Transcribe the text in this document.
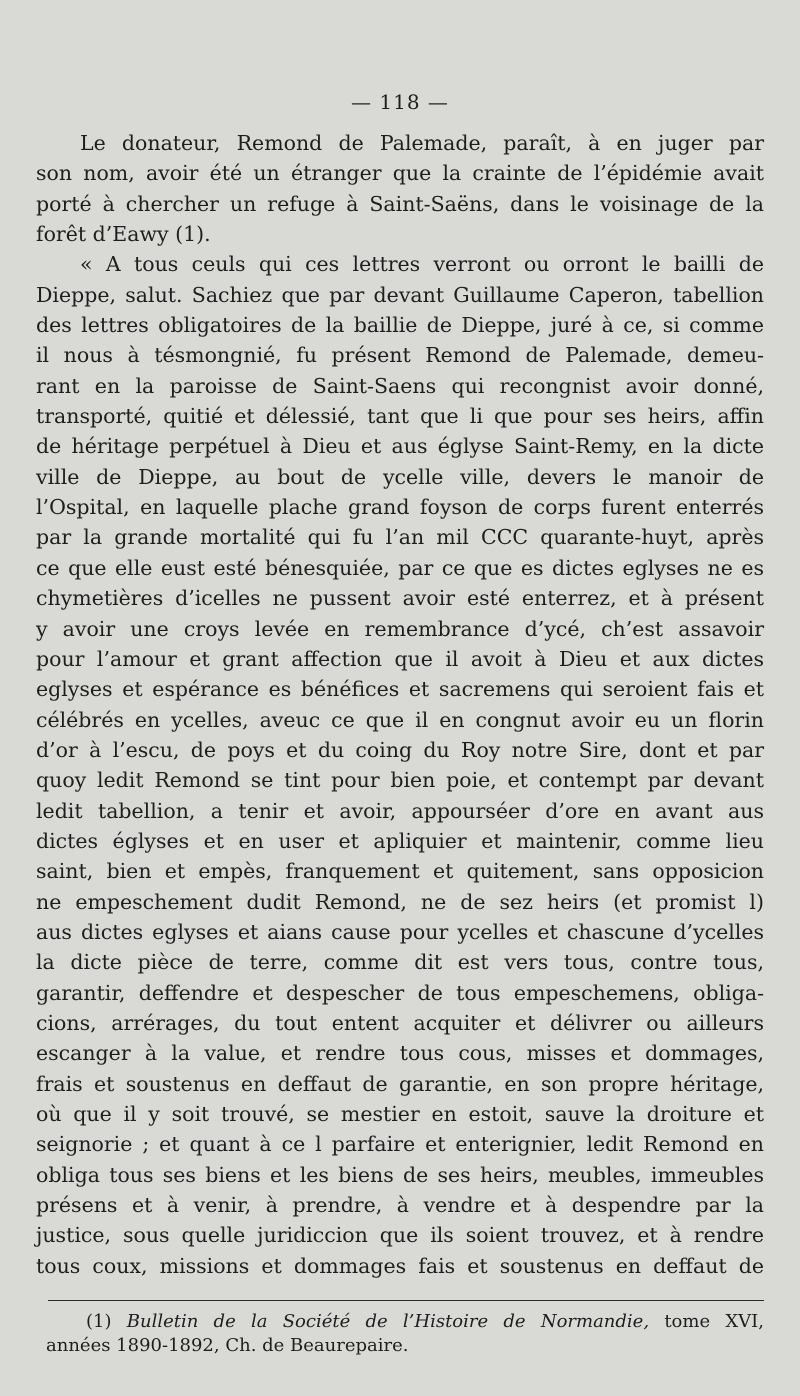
— 118 —
Le donateur, Remond de Palemade, paraît, à en juger par
son nom, avoir été un étranger que la crainte de l’épidémie avait
porté à chercher un refuge à Saint-Saëns, dans le voisinage de la
forêt d’Eawy (1).
« A tous ceuls qui ces lettres verront ou orront le bailli de
Dieppe, salut. Sachiez que par devant Guillaume Caperon, tabellion
des lettres obligatoires de la baillie de Dieppe, juré à ce, si comme
il nous à tésmongnié, fu présent Remond de Palemade, demeu-
rant en la paroisse de Saint-Saens qui recongnist avoir donné,
transporté, quitié et délessié, tant que li que pour ses heirs, affin
de héritage perpétuel à Dieu et aus églyse Saint-Remy, en la dicte
ville de Dieppe, au bout de ycelle ville, devers le manoir de
l’Ospital, en laquelle plache grand foyson de corps furent enterrés
par la grande mortalité qui fu l’an mil CCC quarante-huyt, après
ce que elle eust esté bénesquiée, par ce que es dictes eglyses ne es
chymetières d’icelles ne pussent avoir esté enterrez, et à présent
y avoir une croys levée en remembrance d’ycé, ch’est assavoir
pour l’amour et grant affection que il avoit à Dieu et aux dictes
eglyses et espérance es bénéfices et sacremens qui seroient fais et
célébrés en ycelles, aveuc ce que il en congnut avoir eu un florin
d’or à l’escu, de poys et du coing du Roy notre Sire, dont et par
quoy ledit Remond se tint pour bien poie, et contempt par devant
ledit tabellion, a tenir et avoir, appourséer d’ore en avant aus
dictes églyses et en user et apliquier et maintenir, comme lieu
saint, bien et empès, franquement et quitement, sans opposicion
ne empeschement dudit Remond, ne de sez heirs (et promist l)
aus dictes eglyses et aians cause pour ycelles et chascune d’ycelles
la dicte pièce de terre, comme dit est vers tous, contre tous,
garantir, deffendre et despescher de tous empeschemens, obliga-
cions, arrérages, du tout entent acquiter et délivrer ou ailleurs
escanger à la value, et rendre tous cous, misses et dommages,
frais et soustenus en deffaut de garantie, en son propre héritage,
où que il y soit trouvé, se mestier en estoit, sauve la droiture et
seignorie ; et quant à ce l parfaire et enterignier, ledit Remond en
obliga tous ses biens et les biens de ses heirs, meubles, immeubles
présens et à venir, à prendre, à vendre et à despendre par la
justice, sous quelle juridiccion que ils soient trouvez, et à rendre
tous coux, missions et dommages fais et soustenus en deffaut de
(1) Bulletin de la Société de l’Histoire de Normandie, tome XVI,
années 1890-1892, Ch. de Beaurepaire.
